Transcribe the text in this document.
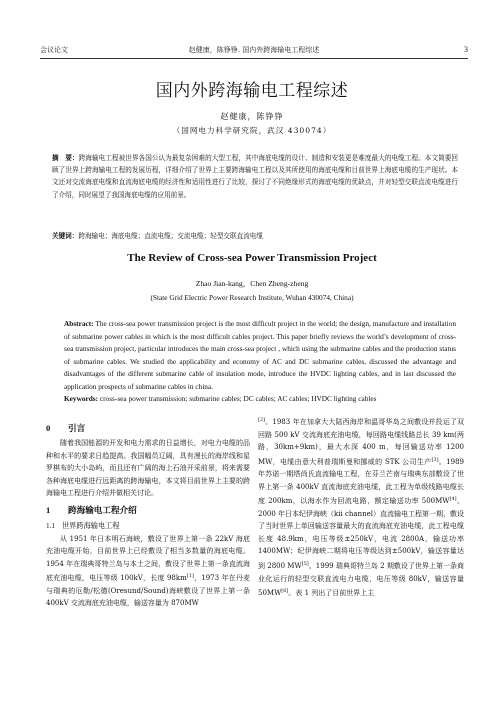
会议论文	赵健康，陈铮铮. 国内外跨海输电工程综述	3
国内外跨海输电工程综述
赵健康，陈铮铮
（国网电力科学研究院，武汉 430074）
摘　要：跨海输电工程被世界各国公认为最复杂困难的大型工程，其中海底电缆的设计、制造和安装更是难度最大的电缆工程。本文简要回顾了世界上跨海输电工程的发展历程，详细介绍了世界上主要跨海输电工程以及其所使用的海底电缆和目前世界上海底电缆的生产现状。本文还对交流海底电缆和直流海底电缆的经济性和适用性进行了比较，探讨了不同绝缘形式的海底电缆的优缺点，并对轻型交联直流电缆进行了介绍，同时展望了我国海底电缆的应用前景。
关键词：跨海输电；海底电缆；直流电缆；交流电缆；轻型交联直流电缆
The Review of Cross-sea Power Transmission Project
Zhao Jian-kang，Chen Zheng-zheng
(State Grid Electric Power Research Institute, Wuhan 430074, China)
Abstract: The cross-sea power transmission project is the most difficult project in the world; the design, manufacture and installation of submarine power cables in which is the most difficult cables project. This paper briefly reviews the world’s development of cross-sea transmission project, particular introduces the main cross-sea project , which using the submarine cables and the production status of submarine cables. We studied the applicability and economy of AC and DC submarine cables, discussed the advantage and disadvantages of the different submarine cable of insulation mode, introduce the HVDC lighting cables, and in last discussed the application prospects of submarine cables in china.
Keywords: cross-sea power transmission; submarine cables; DC cables; AC cables; HVDC lighting cables
0 引言

随着我国能源的开发和电力需求的日益增长，对电力电缆的品种和水平的要求日趋提高。我国幅员辽阔，具有漫长的海岸线和星罗棋布的大小岛屿，而且还有广阔的海上石油开采前景，将来需要各种海底电缆进行远距离的跨海输电，本文将目前世界上主要的跨海输电工程进行介绍并做相关讨论。

1 跨海输电工程介绍
1.1 世界跨海输电工程

从 1951 年日本明石海峡，敷设了世界上第一条 22kV 海底充油电缆开始，目前世界上已经敷设了相当多数量的海底电缆。1954 年在瑞典哥特兰岛与本土之间，敷设了世界上第一条直流海底充油电缆，电压等级 100kV，长度 98km[1]，1973 年在丹麦与瑞典的厄勒/松德(Oresund/Sound)海峡敷设了世界上第一条 400kV 交流海底充油电缆，输送容量为 870MW

[2]。1983 年在加拿大大陆西海岸和温哥华岛之间敷设并投运了双回路 500 kV 交流海底充油电缆，每回路电缆线路总长 39 km(两路，30km+9km)，最大水深 400 m，每回输送功率 1200 MW，电缆由意大利普瑞斯曼和挪威的 STK 公司生产[3]。1989 年苏诺一期塔尚氏直流输电工程，在芬兰芒南与瑞典东部敷设了世界上第一条 400kV 直流海底充油电缆，此工程为单级线路电缆长度 200km，以海水作为回流电路，额定输送功率 500MW[4]。2000 年日本纪伊海峡（kii channel）直流输电工程第一期，敷设了当时世界上单回输送容量最大的直流海底充油电缆，此工程电缆长度 48.9km，电压等级±250kV，电流 2800A，输送功率 1400MW；纪伊海峡二期将电压等级达到±500kV，输送容量达到 2800 MW[5]。1999 瑞典哥特兰岛 2 期敷设了世界上第一条商业化运行的轻型交联直流电力电缆，电压等级 80kV，输送容量 50MW[6]。表 1 列出了目前世界上主
